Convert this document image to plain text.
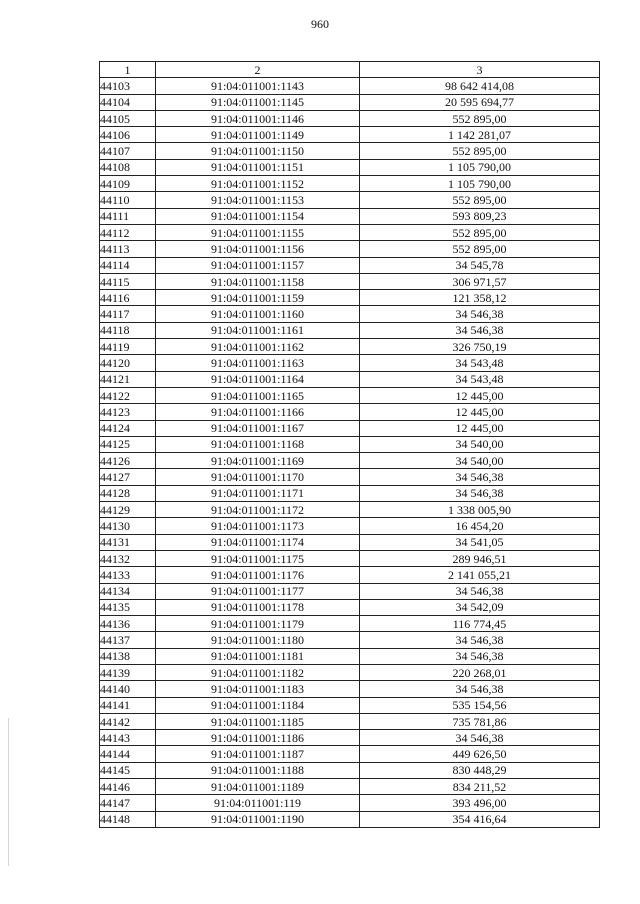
960
1	2	3
44103	91:04:011001:1143	98 642 414,08
44104	91:04:011001:1145	20 595 694,77
44105	91:04:011001:1146	552 895,00
44106	91:04:011001:1149	1 142 281,07
44107	91:04:011001:1150	552 895,00
44108	91:04:011001:1151	1 105 790,00
44109	91:04:011001:1152	1 105 790,00
44110	91:04:011001:1153	552 895,00
44111	91:04:011001:1154	593 809,23
44112	91:04:011001:1155	552 895,00
44113	91:04:011001:1156	552 895,00
44114	91:04:011001:1157	34 545,78
44115	91:04:011001:1158	306 971,57
44116	91:04:011001:1159	121 358,12
44117	91:04:011001:1160	34 546,38
44118	91:04:011001:1161	34 546,38
44119	91:04:011001:1162	326 750,19
44120	91:04:011001:1163	34 543,48
44121	91:04:011001:1164	34 543,48
44122	91:04:011001:1165	12 445,00
44123	91:04:011001:1166	12 445,00
44124	91:04:011001:1167	12 445,00
44125	91:04:011001:1168	34 540,00
44126	91:04:011001:1169	34 540,00
44127	91:04:011001:1170	34 546,38
44128	91:04:011001:1171	34 546,38
44129	91:04:011001:1172	1 338 005,90
44130	91:04:011001:1173	16 454,20
44131	91:04:011001:1174	34 541,05
44132	91:04:011001:1175	289 946,51
44133	91:04:011001:1176	2 141 055,21
44134	91:04:011001:1177	34 546,38
44135	91:04:011001:1178	34 542,09
44136	91:04:011001:1179	116 774,45
44137	91:04:011001:1180	34 546,38
44138	91:04:011001:1181	34 546,38
44139	91:04:011001:1182	220 268,01
44140	91:04:011001:1183	34 546,38
44141	91:04:011001:1184	535 154,56
44142	91:04:011001:1185	735 781,86
44143	91:04:011001:1186	34 546,38
44144	91:04:011001:1187	449 626,50
44145	91:04:011001:1188	830 448,29
44146	91:04:011001:1189	834 211,52
44147	91:04:011001:119	393 496,00
44148	91:04:011001:1190	354 416,64
